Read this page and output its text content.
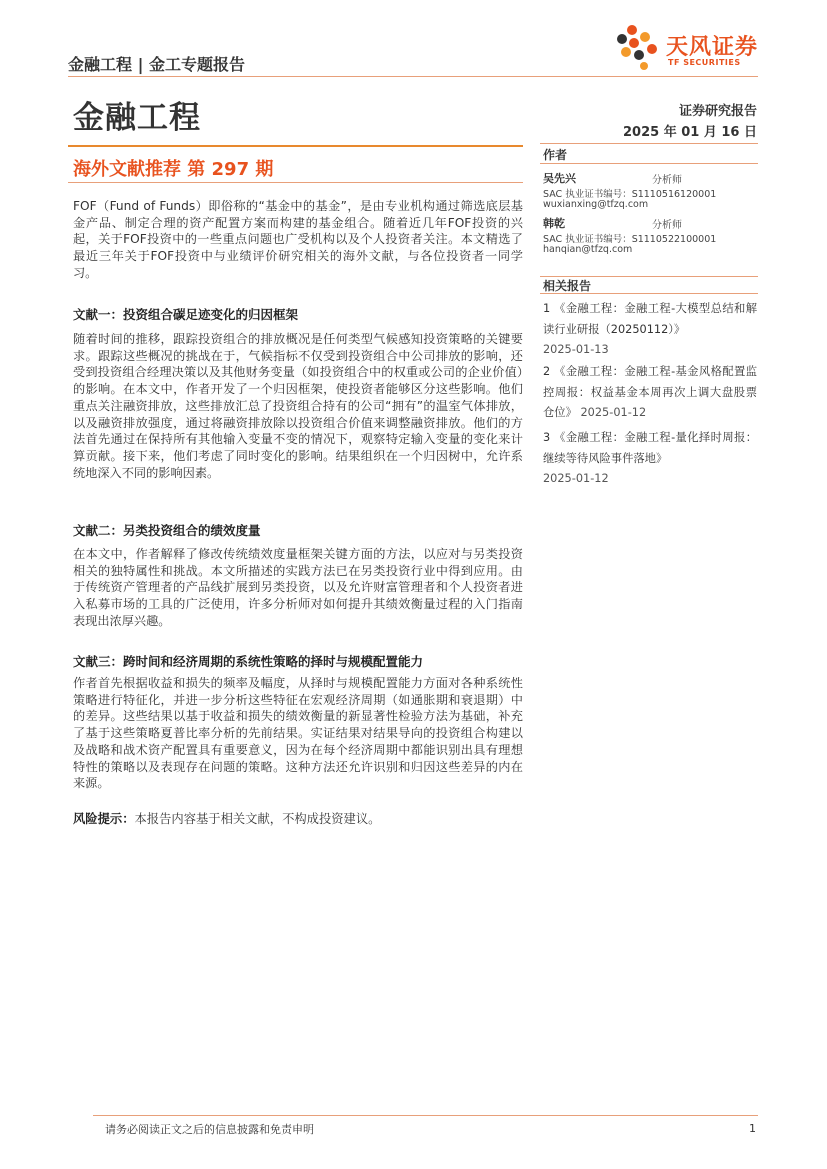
金融工程 | 金工专题报告
天风证券
TF SECURITIES
金融工程	证券研究报告
2025 年 01 月 16 日
海外文献推荐 第 297 期

FOF（Fund of Funds）即俗称的“基金中的基金”，是由专业机构通过筛选底层基金产品、制定合理的资产配置方案而构建的基金组合。随着近几年FOF投资的兴起，关于FOF投资中的一些重点问题也广受机构以及个人投资者关注。本文精选了最近三年关于FOF投资中与业绩评价研究相关的海外文献，与各位投资者一同学习。

文献一：投资组合碳足迹变化的归因框架

随着时间的推移，跟踪投资组合的排放概况是任何类型气候感知投资策略的关键要求。跟踪这些概况的挑战在于，气候指标不仅受到投资组合中公司排放的影响，还受到投资组合经理决策以及其他财务变量（如投资组合中的权重或公司的企业价值）的影响。在本文中，作者开发了一个归因框架，使投资者能够区分这些影响。他们重点关注融资排放，这些排放汇总了投资组合持有的公司“拥有”的温室气体排放，以及融资排放强度，通过将融资排放除以投资组合价值来调整融资排放。他们的方法首先通过在保持所有其他输入变量不变的情况下，观察特定输入变量的变化来计算贡献。接下来，他们考虑了同时变化的影响。结果组织在一个归因树中，允许系统地深入不同的影响因素。

文献二：另类投资组合的绩效度量

在本文中，作者解释了修改传统绩效度量框架关键方面的方法，以应对与另类投资相关的独特属性和挑战。本文所描述的实践方法已在另类投资行业中得到应用。由于传统资产管理者的产品线扩展到另类投资，以及允许财富管理者和个人投资者进入私募市场的工具的广泛使用，许多分析师对如何提升其绩效衡量过程的入门指南表现出浓厚兴趣。

文献三：跨时间和经济周期的系统性策略的择时与规模配置能力

作者首先根据收益和损失的频率及幅度，从择时与规模配置能力方面对各种系统性策略进行特征化，并进一步分析这些特征在宏观经济周期（如通胀期和衰退期）中的差异。这些结果以基于收益和损失的绩效衡量的新显著性检验方法为基础，补充了基于这些策略夏普比率分析的先前结果。实证结果对结果导向的投资组合构建以及战略和战术资产配置具有重要意义，因为在每个经济周期中都能识别出具有理想特性的策略以及表现存在问题的策略。这种方法还允许识别和归因这些差异的内在来源。

风险提示：本报告内容基于相关文献，不构成投资建议。
作者
吴先兴	分析师
SAC 执业证书编号：S1110516120001
wuxianxing@tfzq.com
韩乾	分析师
SAC 执业证书编号：S1110522100001
hanqian@tfzq.com
相关报告

1 《金融工程：金融工程-大模型总结和解读行业研报（20250112）》
2025-01-13

2 《金融工程：金融工程-基金风格配置监控周报：权益基金本周再次上调大盘股票仓位》 2025-01-12

3 《金融工程：金融工程-量化择时周报：继续等待风险事件落地》
2025-01-12

请务必阅读正文之后的信息披露和免责申明	1
